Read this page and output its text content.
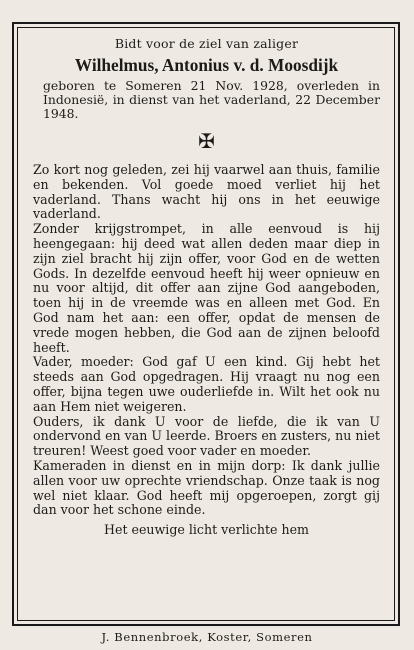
Bidt voor de ziel van zaliger

Wilhelmus, Antonius v. d. Moosdijk

geboren te Someren 21 Nov. 1928, overleden in Indonesië, in dienst van het vaderland, 22 December 1948.

✠

Zo kort nog geleden, zei hij vaarwel aan thuis, familie en bekenden. Vol goede moed verliet hij het vaderland. Thans wacht hij ons in het eeuwige vaderland.

Zonder krijgstrompet, in alle eenvoud is hij heengegaan: hij deed wat allen deden maar diep in zijn ziel bracht hij zijn offer, voor God en de wetten Gods. In dezelfde eenvoud heeft hij weer opnieuw en nu voor altijd, dit offer aan zijne God aangeboden, toen hij in de vreemde was en alleen met God. En God nam het aan: een offer, opdat de mensen de vrede mogen hebben, die God aan de zijnen beloofd heeft.

Vader, moeder: God gaf U een kind. Gij hebt het steeds aan God opgedragen. Hij vraagt nu nog een offer, bijna tegen uwe ouderliefde in. Wilt het ook nu aan Hem niet weigeren.

Ouders, ik dank U voor de liefde, die ik van U ondervond en van U leerde. Broers en zusters, nu niet treuren! Weest goed voor vader en moeder.

Kameraden in dienst en in mijn dorp: Ik dank jullie allen voor uw oprechte vriendschap. Onze taak is nog wel niet klaar. God heeft mij opgeroepen, zorgt gij dan voor het schone einde.

Het eeuwige licht verlichte hem

J. Bennenbroek, Koster, Someren
